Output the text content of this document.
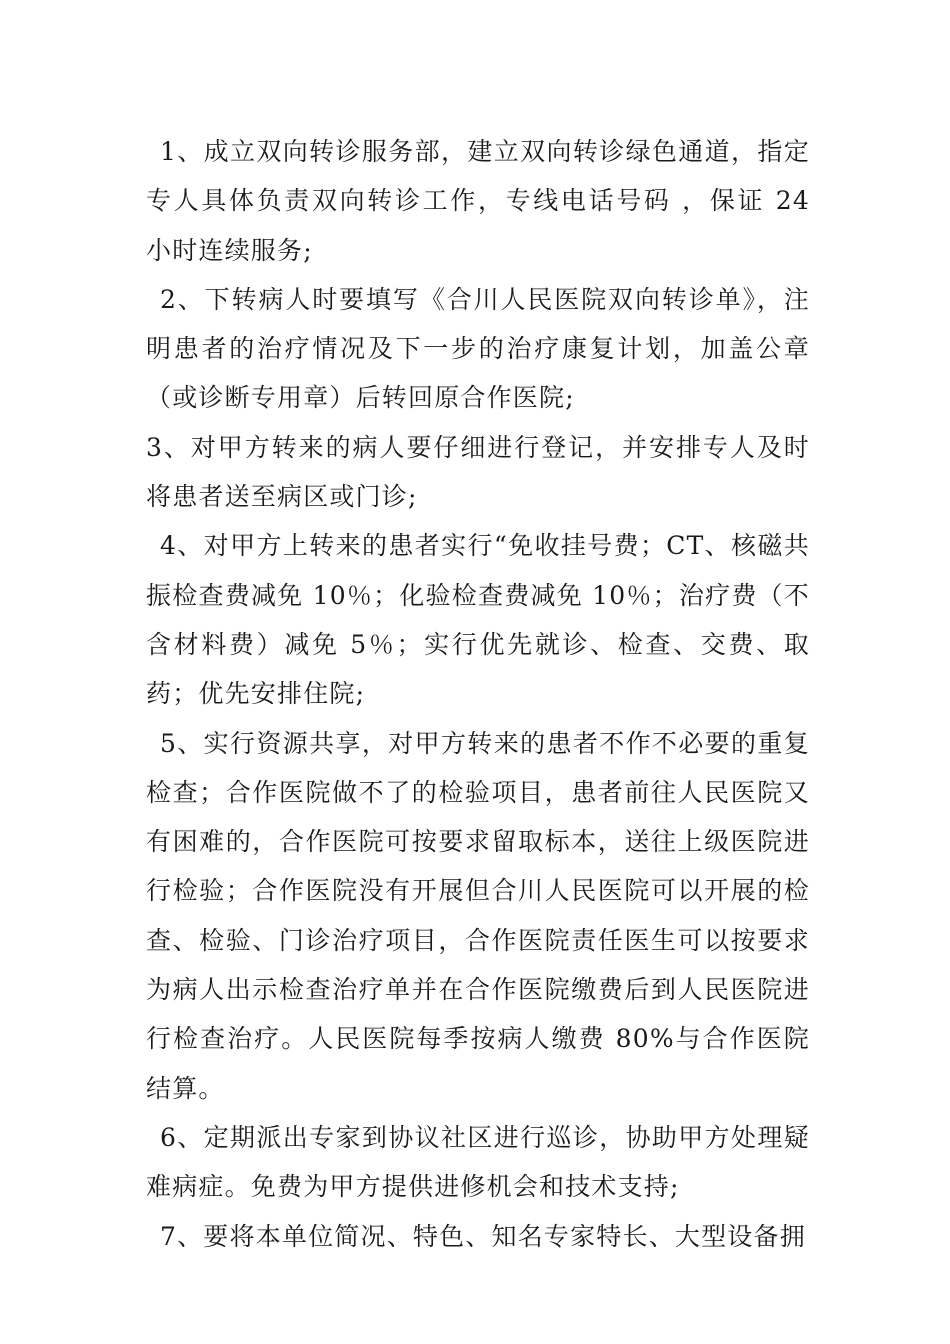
1、成立双向转诊服务部，建立双向转诊绿色通道，指定专人具体负责双向转诊工作，专线电话号码 ，保证 24 小时连续服务;

2、下转病人时要填写《合川人民医院双向转诊单》，注明患者的治疗情况及下一步的治疗康复计划，加盖公章（或诊断专用章）后转回原合作医院;

3、对甲方转来的病人要仔细进行登记，并安排专人及时将患者送至病区或门诊;

4、对甲方上转来的患者实行“免收挂号费；CT、核磁共振检查费减免 10％；化验检查费减免 10％；治疗费（不含材料费）减免 5％；实行优先就诊、检查、交费、取药；优先安排住院;

5、实行资源共享，对甲方转来的患者不作不必要的重复检查；合作医院做不了的检验项目，患者前往人民医院又有困难的，合作医院可按要求留取标本，送往上级医院进行检验；合作医院没有开展但合川人民医院可以开展的检查、检验、门诊治疗项目，合作医院责任医生可以按要求为病人出示检查治疗单并在合作医院缴费后到人民医院进行检查治疗。人民医院每季按病人缴费 80%与合作医院结算。

6、定期派出专家到协议社区进行巡诊，协助甲方处理疑难病症。免费为甲方提供进修机会和技术支持;

7、要将本单位简况、特色、知名专家特长、大型设备拥
